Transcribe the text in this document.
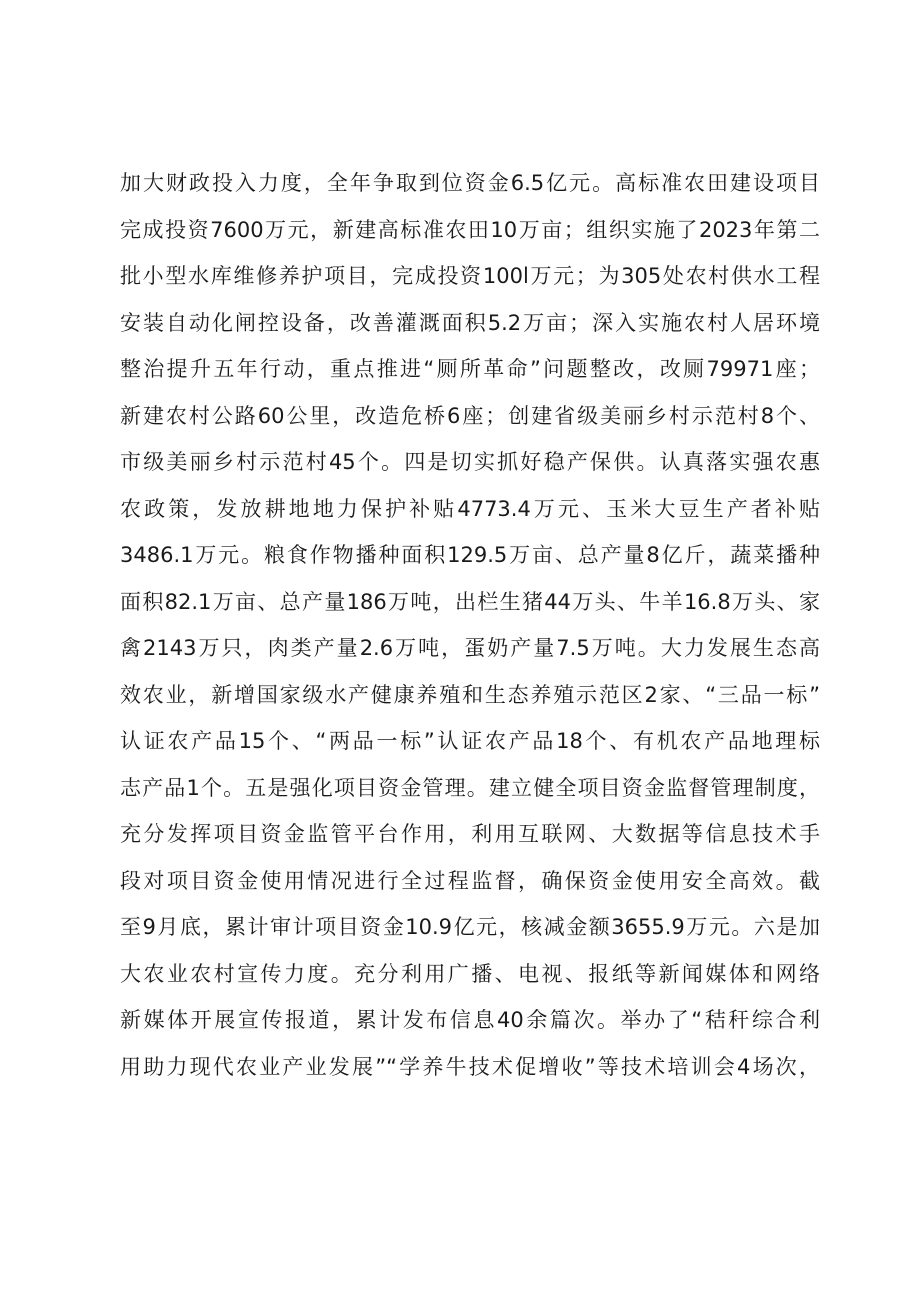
加大财政投入力度，全年争取到位资金6.5亿元。高标准农田建设项目
完成投资7600万元，新建高标准农田10万亩；组织实施了2023年第二
批小型水库维修养护项目，完成投资100l万元；为305处农村供水工程
安装自动化闸控设备，改善灌溉面积5.2万亩；深入实施农村人居环境
整治提升五年行动，重点推进“厕所革命”问题整改，改厕79971座；
新建农村公路60公里，改造危桥6座；创建省级美丽乡村示范村8个、
市级美丽乡村示范村45个。四是切实抓好稳产保供。认真落实强农惠
农政策，发放耕地地力保护补贴4773.4万元、玉米大豆生产者补贴
3486.1万元。粮食作物播种面积129.5万亩、总产量8亿斤，蔬菜播种
面积82.1万亩、总产量186万吨，出栏生猪44万头、牛羊16.8万头、家
禽2143万只，肉类产量2.6万吨，蛋奶产量7.5万吨。大力发展生态高
效农业，新增国家级水产健康养殖和生态养殖示范区2家、“三品一标”
认证农产品15个、“两品一标”认证农产品18个、有机农产品地理标
志产品1个。五是强化项目资金管理。建立健全项目资金监督管理制度，
充分发挥项目资金监管平台作用，利用互联网、大数据等信息技术手
段对项目资金使用情况进行全过程监督，确保资金使用安全高效。截
至9月底，累计审计项目资金10.9亿元，核减金额3655.9万元。六是加
大农业农村宣传力度。充分利用广播、电视、报纸等新闻媒体和网络
新媒体开展宣传报道，累计发布信息40余篇次。举办了“秸秆综合利
用助力现代农业产业发展”“学养牛技术促增收”等技术培训会4场次，
